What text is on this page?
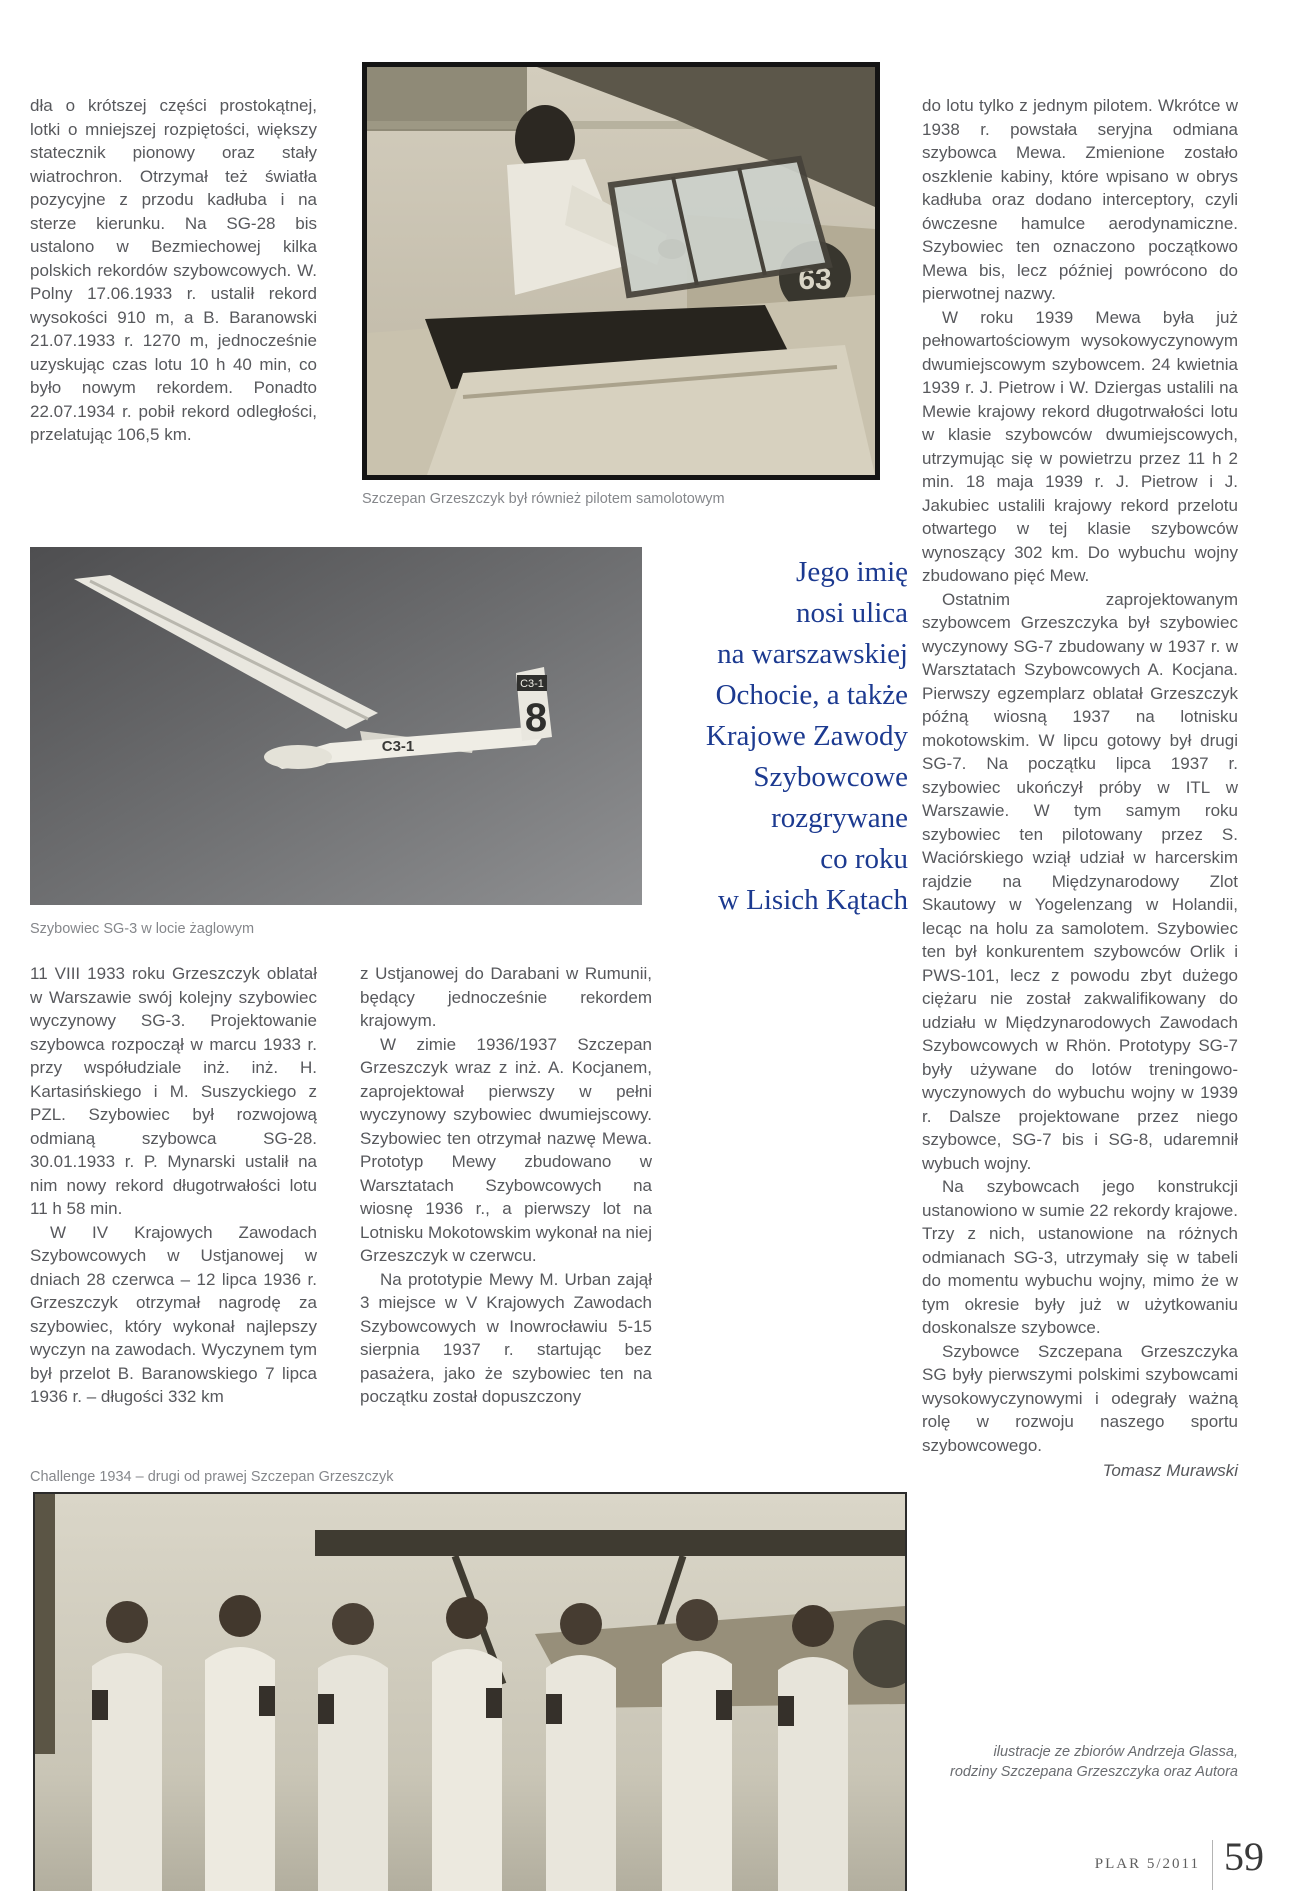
dła o krótszej części prostokątnej, lotki o mniejszej rozpiętości, większy statecznik pionowy oraz stały wiatrochron. Otrzymał też światła pozycyjne z przodu kadłuba i na sterze kierunku. Na SG-28 bis ustalono w Bezmiechowej kilka polskich rekordów szybowcowych. W. Polny 17.06.1933 r. ustalił rekord wysokości 910 m, a B. Baranowski 21.07.1933 r. 1270 m, jednocześnie uzyskując czas lotu 10 h 40 min, co było nowym rekordem. Ponadto 22.07.1934 r. pobił rekord odległości, przelatując 106,5 km.

63
Szczepan Grzeszczyk był również pilotem samolotowym

do lotu tylko z jednym pilotem. Wkrótce w 1938 r. powstała seryjna odmiana szybowca Mewa. Zmienione zostało oszklenie kabiny, które wpisano w obrys kadłuba oraz dodano interceptory, czyli ówczesne hamulce aerodynamiczne. Szybowiec ten oznaczono początkowo Mewa bis, lecz później powrócono do pierwotnej nazwy.

W roku 1939 Mewa była już pełnowartościowym wysokowyczynowym dwumiejscowym szybowcem. 24 kwietnia 1939 r. J. Pietrow i W. Dziergas ustalili na Mewie krajowy rekord długotrwałości lotu w klasie szybowców dwumiejscowych, utrzymując się w powietrzu przez 11 h 2 min. 18 maja 1939 r. J. Pietrow i J. Jakubiec ustalili krajowy rekord przelotu otwartego w tej klasie szybowców wynoszący 302 km. Do wybuchu wojny zbudowano pięć Mew.

Ostatnim zaprojektowanym szybowcem Grzeszczyka był szybowiec wyczynowy SG-7 zbudowany w 1937 r. w Warsztatach Szybowcowych A. Kocjana. Pierwszy egzemplarz oblatał Grzeszczyk późną wiosną 1937 na lotnisku mokotowskim. W lipcu gotowy był drugi SG-7. Na początku lipca 1937 r. szybowiec ukończył próby w ITL w Warszawie. W tym samym roku szybowiec ten pilotowany przez S. Waciórskiego wziął udział w harcerskim rajdzie na Międzynarodowy Zlot Skautowy w Yogelenzang w Holandii, lecąc na holu za samolotem. Szybowiec ten był konkurentem szybowców Orlik i PWS-101, lecz z powodu zbyt dużego ciężaru nie został zakwalifikowany do udziału w Międzynarodowych Zawodach Szybowcowych w Rhön. Prototypy SG-7 były używane do lotów treningowo-wyczynowych do wybuchu wojny w 1939 r. Dalsze projektowane przez niego szybowce, SG-7 bis i SG-8, udaremnił wybuch wojny.

Na szybowcach jego konstrukcji ustanowiono w sumie 22 rekordy krajowe. Trzy z nich, ustanowione na różnych odmianach SG-3, utrzymały się w tabeli do momentu wybuchu wojny, mimo że w tym okresie były już w użytkowaniu doskonalsze szybowce.

Szybowce Szczepana Grzeszczyka SG były pierwszymi polskimi szybowcami wysokowyczynowymi i odegrały ważną rolę w rozwoju naszego sportu szybowcowego.

Tomasz Murawski

ilustracje ze zbiorów Andrzeja Glassa,
rodziny Szczepana Grzeszczyka oraz Autora
C3-1
8
C3-1
Szybowiec SG-3 w locie żaglowym
Jego imię
nosi ulica
na warszawskiej
Ochocie, a także
Krajowe Zawody
Szybowcowe
rozgrywane
co roku
w Lisich Kątach

11 VIII 1933 roku Grzeszczyk oblatał w Warszawie swój kolejny szybowiec wyczynowy SG-3. Projektowanie szybowca rozpoczął w marcu 1933 r. przy współudziale inż. inż. H. Kartasińskiego i M. Suszyckiego z PZL. Szybowiec był rozwojową odmianą szybowca SG-28. 30.01.1933 r. P. Mynarski ustalił na nim nowy rekord długotrwałości lotu 11 h 58 min.

W IV Krajowych Zawodach Szybowcowych w Ustjanowej w dniach 28 czerwca – 12 lipca 1936 r. Grzeszczyk otrzymał nagrodę za szybowiec, który wykonał najlepszy wyczyn na zawodach. Wyczynem tym był przelot B. Baranowskiego 7 lipca 1936 r. – długości 332 km

z Ustjanowej do Darabani w Rumunii, będący jednocześnie rekordem krajowym.

W zimie 1936/1937 Szczepan Grzeszczyk wraz z inż. A. Kocjanem, zaprojektował pierwszy w pełni wyczynowy szybowiec dwumiejscowy. Szybowiec ten otrzymał nazwę Mewa. Prototyp Mewy zbudowano w Warsztatach Szybowcowych na wiosnę 1936 r., a pierwszy lot na Lotnisku Mokotowskim wykonał na niej Grzeszczyk w czerwcu.

Na prototypie Mewy M. Urban zajął 3 miejsce w V Krajowych Zawodach Szybowcowych w Inowrocławiu 5-15 sierpnia 1937 r. startując bez pasażera, jako że szybowiec ten na początku został dopuszczony

Challenge 1934 – drugi od prawej Szczepan Grzeszczyk
PLAR 5/2011 59
